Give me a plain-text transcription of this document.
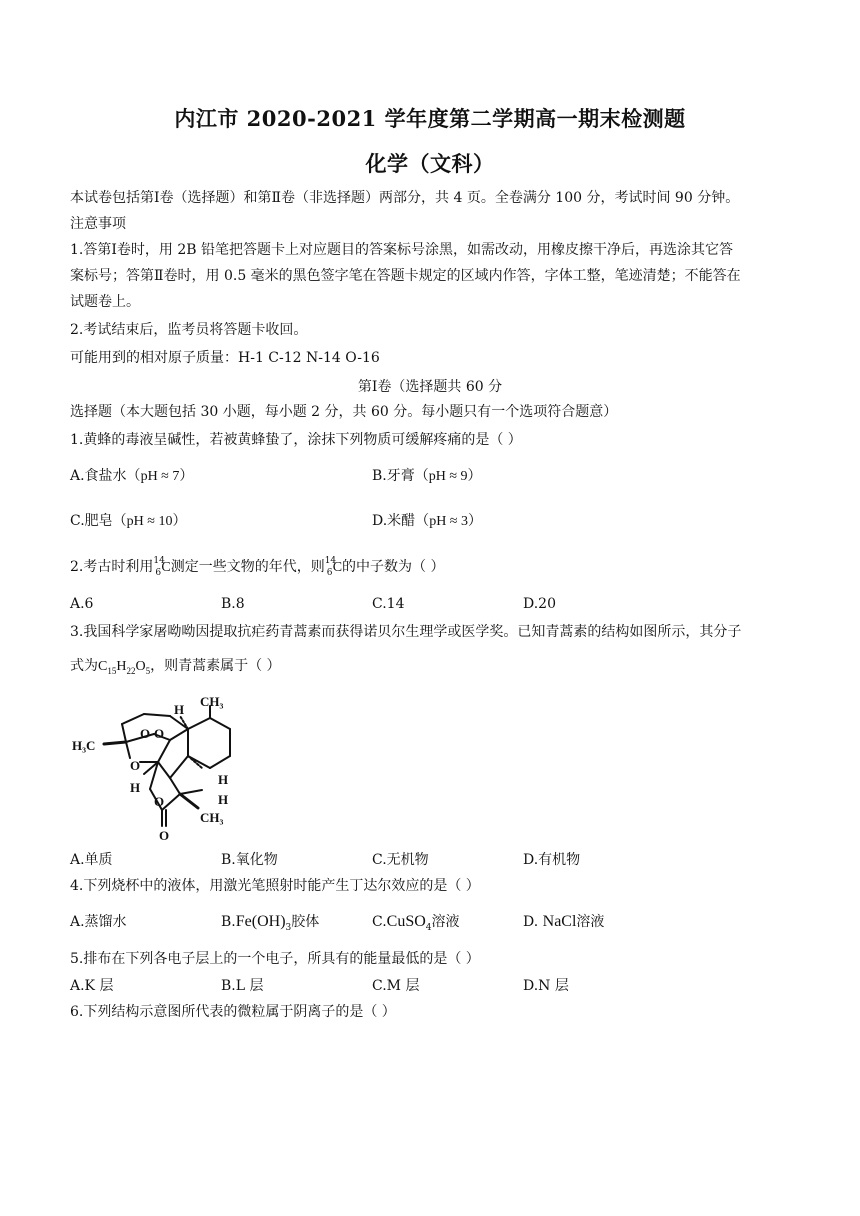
内江市 2020-2021 学年度第二学期高一期末检测题
化学（文科）
本试卷包括第Ⅰ卷（选择题）和第Ⅱ卷（非选择题）两部分，共 4 页。全卷满分 100 分，考试时间 90 分钟。
注意事项
1.答第Ⅰ卷时，用 2B 铅笔把答题卡上对应题目的答案标号涂黑，如需改动，用橡皮擦干净后，再选涂其它答
案标号；答第Ⅱ卷时，用 0.5 毫米的黑色签字笔在答题卡规定的区域内作答，字体工整，笔迹清楚；不能答在
试题卷上。
2.考试结束后，监考员将答题卡收回。
可能用到的相对原子质量：H-1 C-12 N-14 O-16
第Ⅰ卷（选择题共 60 分
选择题（本大题包括 30 小题，每小题 2 分，共 60 分。每小题只有一个选项符合题意）
1.黄蜂的毒液呈碱性，若被黄蜂蛰了，涂抹下列物质可缓解疼痛的是（ ）
A.食盐水（pH ≈ 7）	B.牙膏（pH ≈ 9）
C.肥皂（pH ≈ 10）	D.米醋（pH ≈ 3）
2.考古时利用 14
6 C测定一些文物的年代，则 14
6 C的中子数为（ ）
A.6	B.8	C.14	D.20
3.我国科学家屠呦呦因提取抗疟药青蒿素而获得诺贝尔生理学或医学奖。已知青蒿素的结构如图所示，其分子
式为$C_{15}H_{22}O_5$，则青蒿素属于（ ）
CH₃
H
H₃C
O O
O
H
O
H
H
O
CH₃
A.单质	B.氧化物	C.无机物	D.有机物
4.下列烧杯中的液体，用激光笔照射时能产生丁达尔效应的是（ ）
A.蒸馏水	$B.Fe(OH)_3$胶体	C.CuSO$_4$溶液	D. NaCl溶液
5.排布在下列各电子层上的一个电子，所具有的能量最低的是（ ）
A.K 层	B.L 层	C.M 层	D.N 层
6.下列结构示意图所代表的微粒属于阴离子的是（ ）
